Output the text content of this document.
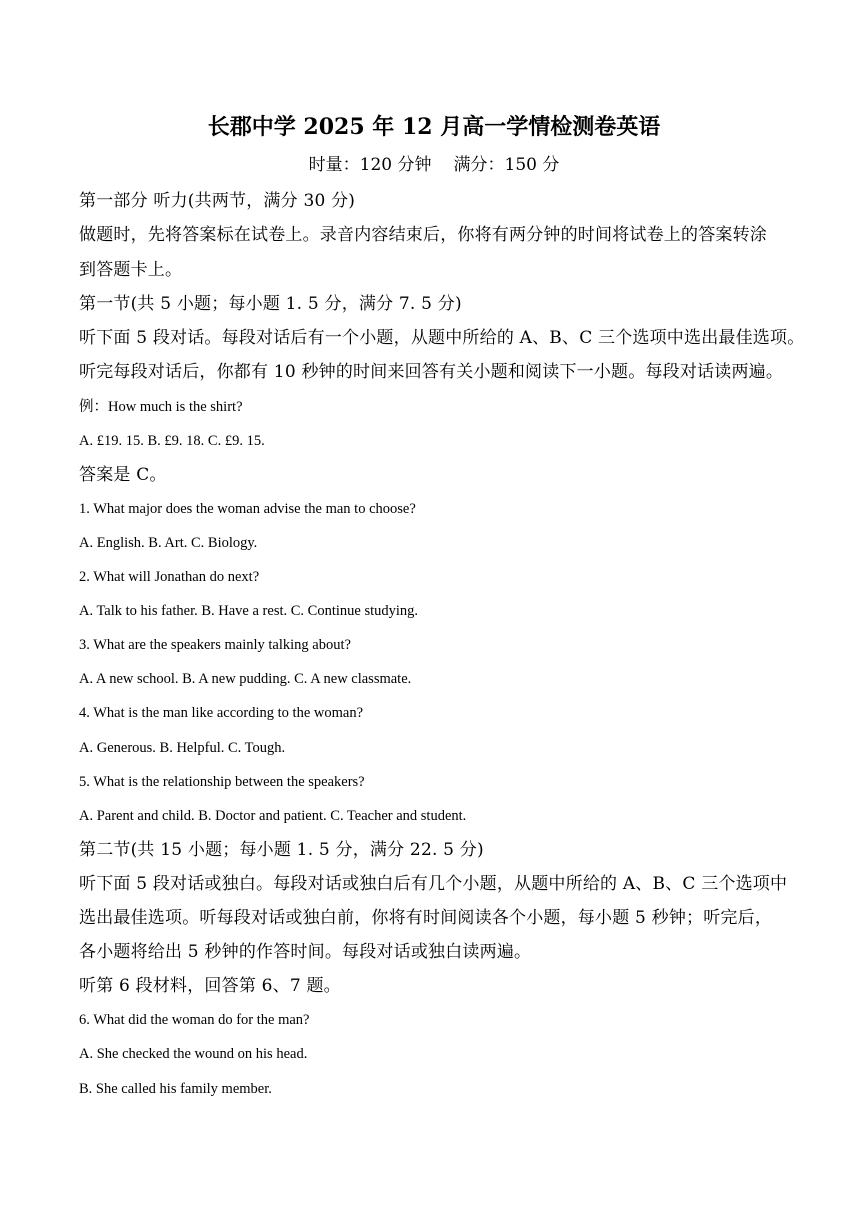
长郡中学 2025 年 12 月高一学情检测卷英语
时量：120 分钟 满分：150 分
第一部分 听力(共两节，满分 30 分)
做题时，先将答案标在试卷上。录音内容结束后，你将有两分钟的时间将试卷上的答案转涂
到答题卡上。
第一节(共 5 小题；每小题 1. 5 分，满分 7. 5 分)
听下面 5 段对话。每段对话后有一个小题，从题中所给的 A、B、C 三个选项中选出最佳选项。
听完每段对话后，你都有 10 秒钟的时间来回答有关小题和阅读下一小题。每段对话读两遍。
例：How much is the shirt?
A. £19. 15. B. £9. 18. C. £9. 15.
答案是 C。
1. What major does the woman advise the man to choose?
A. English. B. Art. C. Biology.
2. What will Jonathan do next?
A. Talk to his father. B. Have a rest. C. Continue studying.
3. What are the speakers mainly talking about?
A. A new school. B. A new pudding. C. A new classmate.
4. What is the man like according to the woman?
A. Generous. B. Helpful. C. Tough.
5. What is the relationship between the speakers?
A. Parent and child. B. Doctor and patient. C. Teacher and student.
第二节(共 15 小题；每小题 1. 5 分，满分 22. 5 分)
听下面 5 段对话或独白。每段对话或独白后有几个小题，从题中所给的 A、B、C 三个选项中
选出最佳选项。听每段对话或独白前，你将有时间阅读各个小题，每小题 5 秒钟；听完后，
各小题将给出 5 秒钟的作答时间。每段对话或独白读两遍。
听第 6 段材料，回答第 6、7 题。
6. What did the woman do for the man?
A. She checked the wound on his head.
B. She called his family member.
